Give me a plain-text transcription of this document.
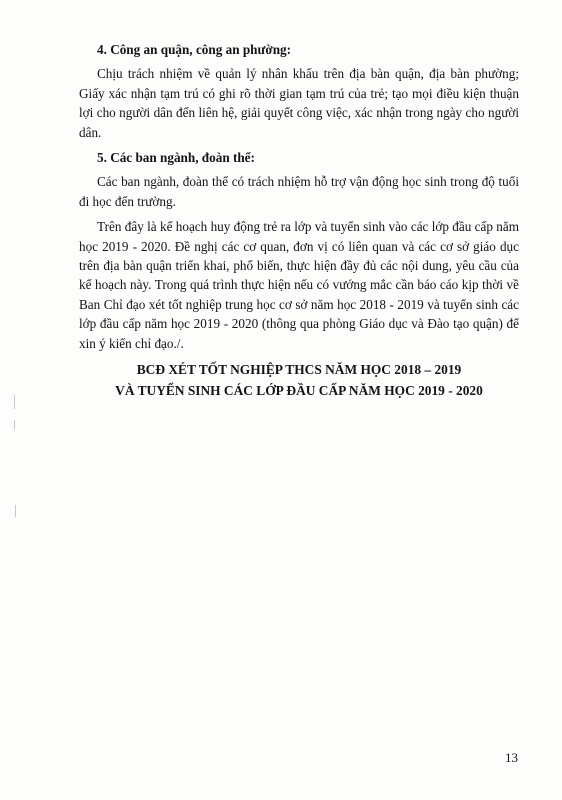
4. Công an quận, công an phường:
Chịu trách nhiệm về quản lý nhân khẩu trên địa bàn quận, địa bàn phường; Giấy xác nhận tạm trú có ghi rõ thời gian tạm trú của trẻ; tạo mọi điều kiện thuận lợi cho người dân đến liên hệ, giải quyết công việc, xác nhận trong ngày cho người dân.
5. Các ban ngành, đoàn thể:
Các ban ngành, đoàn thể có trách nhiệm hỗ trợ vận động học sinh trong độ tuổi đi học đến trường.
Trên đây là kế hoạch huy động trẻ ra lớp và tuyển sinh vào các lớp đầu cấp năm học 2019 - 2020. Đề nghị các cơ quan, đơn vị có liên quan và các cơ sở giáo dục trên địa bàn quận triển khai, phổ biến, thực hiện đầy đủ các nội dung, yêu cầu của kế hoạch này. Trong quá trình thực hiện nếu có vướng mắc cần báo cáo kịp thời về Ban Chỉ đạo xét tốt nghiệp trung học cơ sở năm học 2018 - 2019 và tuyển sinh các lớp đầu cấp năm học 2019 - 2020 (thông qua phòng Giáo dục và Đào tạo quận) để xin ý kiến chỉ đạo./.
BCĐ XÉT TỐT NGHIỆP THCS NĂM HỌC 2018 – 2019
VÀ TUYỂN SINH CÁC LỚP ĐẦU CẤP NĂM HỌC 2019 - 2020
13
